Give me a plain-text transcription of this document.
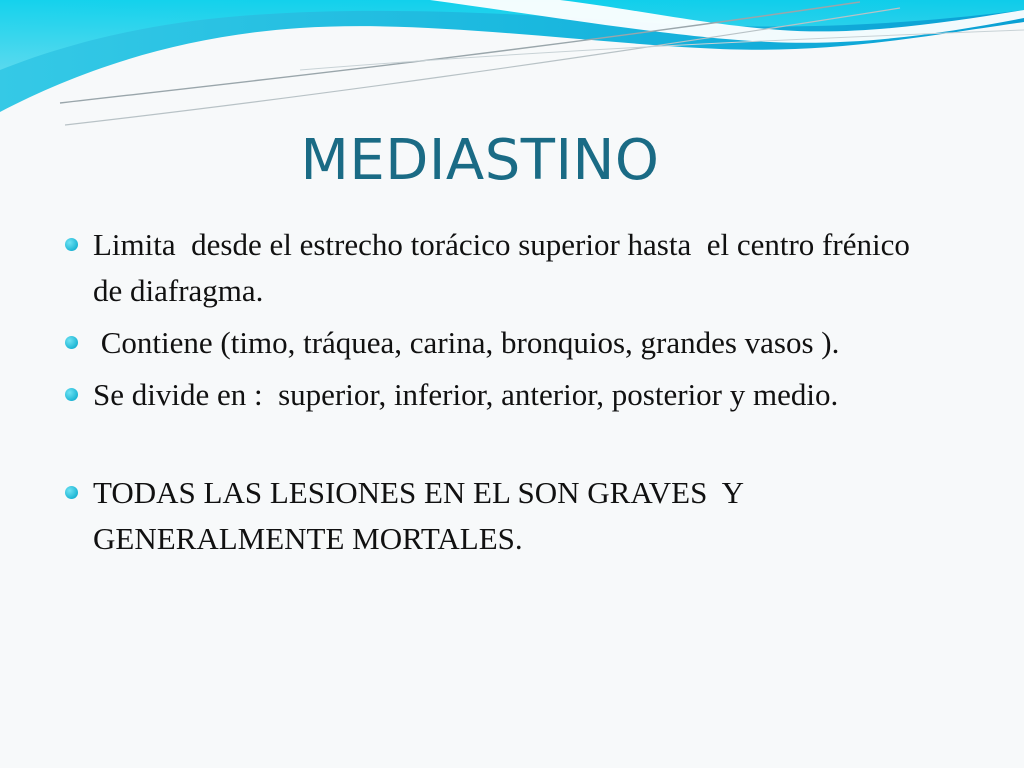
MEDIASTINO
Limita  desde el estrecho torácico superior hasta  el centro frénico de diafragma.
Contiene (timo, tráquea, carina, bronquios, grandes vasos ).
Se divide en :  superior, inferior, anterior, posterior y medio.
TODAS LAS LESIONES EN EL SON GRAVES  Y GENERALMENTE MORTALES.
